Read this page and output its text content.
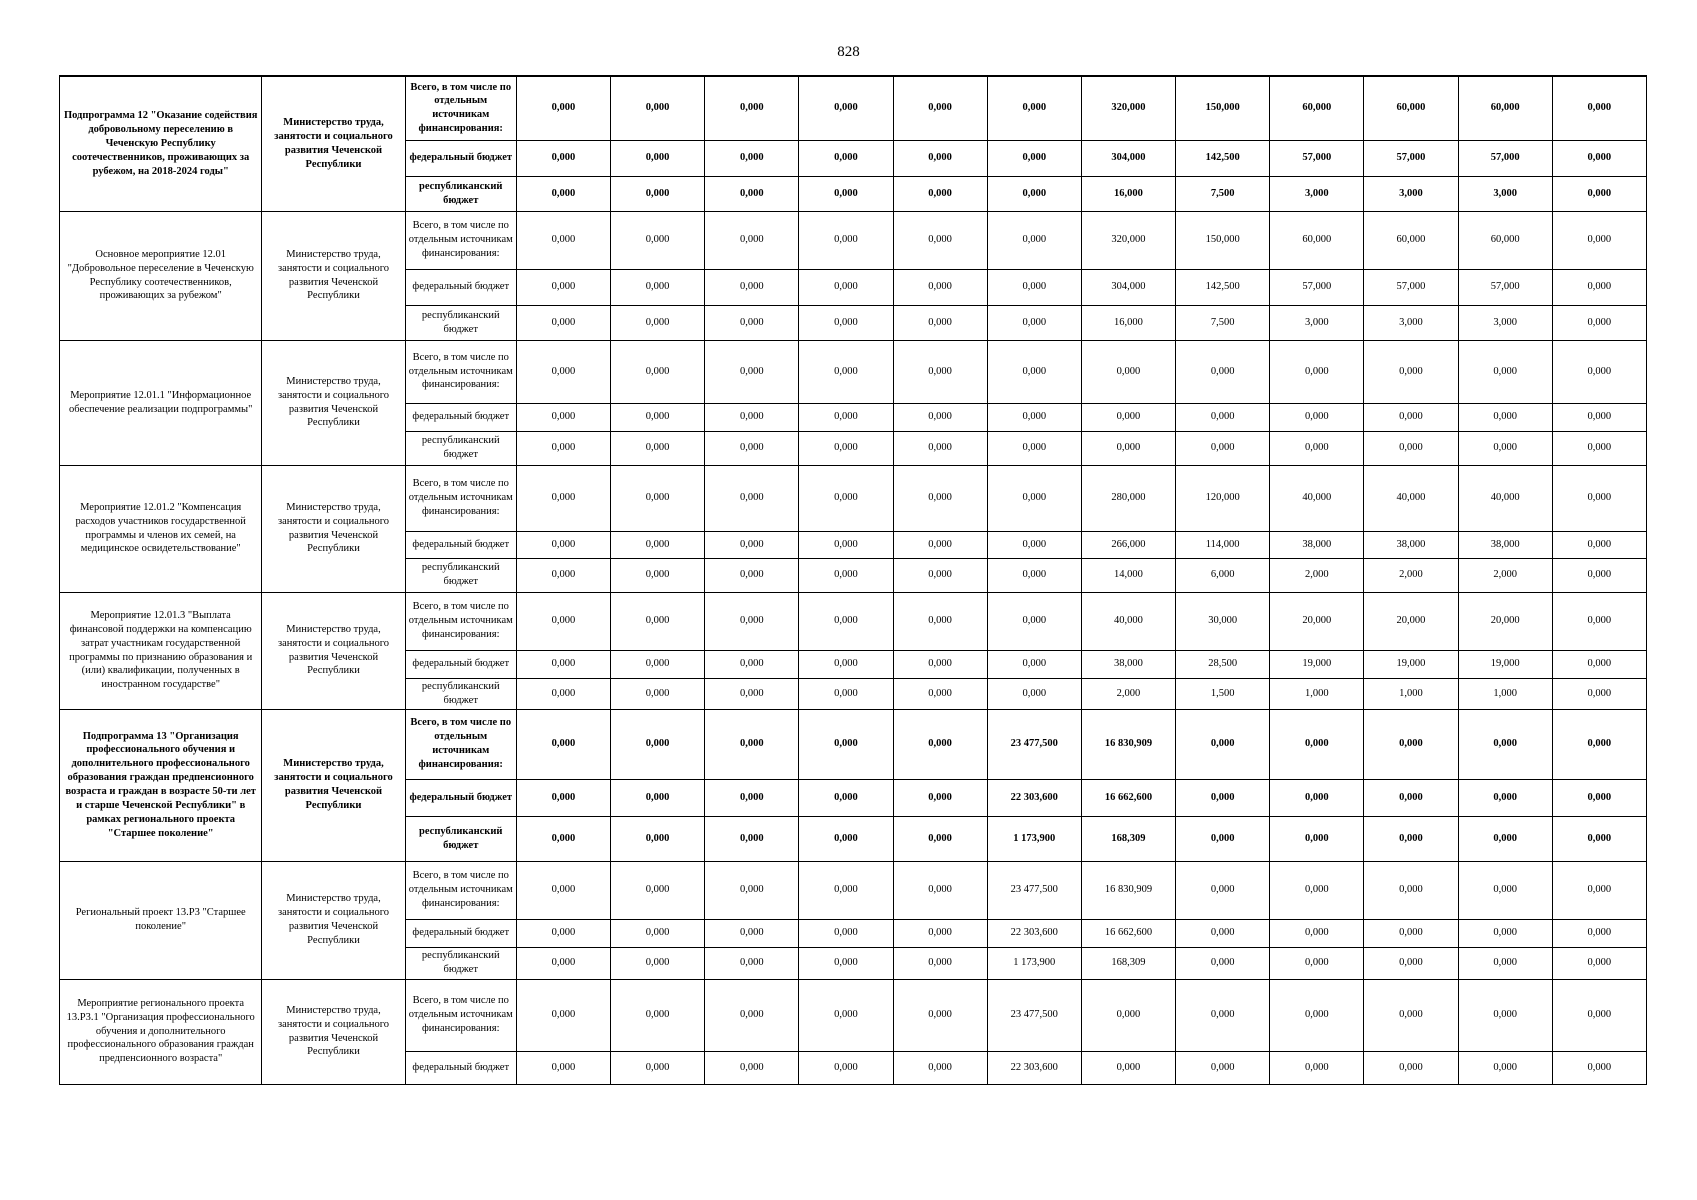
828
Подпрограмма 12 "Оказание содействия добровольному переселению в Чеченскую Республику соотечественников, проживающих за рубежом, на 2018-2024 годы"	Министерство труда, занятости и социального развития Чеченской Республики	Всего, в том числе по отдельным источникам финансирования:	0,000	0,000	0,000	0,000	0,000	0,000	320,000	150,000	60,000	60,000	60,000	0,000
		федеральный бюджет	0,000	0,000	0,000	0,000	0,000	0,000	304,000	142,500	57,000	57,000	57,000	0,000
		республиканский бюджет	0,000	0,000	0,000	0,000	0,000	0,000	16,000	7,500	3,000	3,000	3,000	0,000
Основное мероприятие 12.01 "Добровольное переселение в Чеченскую Республику соотечественников, проживающих за рубежом"	Министерство труда, занятости и социального развития Чеченской Республики	Всего, в том числе по отдельным источникам финансирования:	0,000	0,000	0,000	0,000	0,000	0,000	320,000	150,000	60,000	60,000	60,000	0,000
		федеральный бюджет	0,000	0,000	0,000	0,000	0,000	0,000	304,000	142,500	57,000	57,000	57,000	0,000
		республиканский бюджет	0,000	0,000	0,000	0,000	0,000	0,000	16,000	7,500	3,000	3,000	3,000	0,000
Мероприятие 12.01.1 "Информационное обеспечение реализации подпрограммы"	Министерство труда, занятости и социального развития Чеченской Республики	Всего, в том числе по отдельным источникам финансирования:	0,000	0,000	0,000	0,000	0,000	0,000	0,000	0,000	0,000	0,000	0,000	0,000
		федеральный бюджет	0,000	0,000	0,000	0,000	0,000	0,000	0,000	0,000	0,000	0,000	0,000	0,000
		республиканский бюджет	0,000	0,000	0,000	0,000	0,000	0,000	0,000	0,000	0,000	0,000	0,000	0,000
Мероприятие 12.01.2 "Компенсация расходов участников государственной программы и членов их семей, на медицинское освидетельствование"	Министерство труда, занятости и социального развития Чеченской Республики	Всего, в том числе по отдельным источникам финансирования:	0,000	0,000	0,000	0,000	0,000	0,000	280,000	120,000	40,000	40,000	40,000	0,000
		федеральный бюджет	0,000	0,000	0,000	0,000	0,000	0,000	266,000	114,000	38,000	38,000	38,000	0,000
		республиканский бюджет	0,000	0,000	0,000	0,000	0,000	0,000	14,000	6,000	2,000	2,000	2,000	0,000
Мероприятие 12.01.3 "Выплата финансовой поддержки на компенсацию затрат участникам государственной программы по признанию образования и (или) квалификации, полученных в иностранном государстве"	Министерство труда, занятости и социального развития Чеченской Республики	Всего, в том числе по отдельным источникам финансирования:	0,000	0,000	0,000	0,000	0,000	0,000	40,000	30,000	20,000	20,000	20,000	0,000
		федеральный бюджет	0,000	0,000	0,000	0,000	0,000	0,000	38,000	28,500	19,000	19,000	19,000	0,000
		республиканский бюджет	0,000	0,000	0,000	0,000	0,000	0,000	2,000	1,500	1,000	1,000	1,000	0,000
Подпрограмма 13 "Организация профессионального обучения и дополнительного профессионального образования граждан предпенсионного возраста и граждан в возрасте 50-ти лет и старше Чеченской Республики" в рамках регионального проекта "Старшее поколение"	Министерство труда, занятости и социального развития Чеченской Республики	Всего, в том числе по отдельным источникам финансирования:	0,000	0,000	0,000	0,000	0,000	23 477,500	16 830,909	0,000	0,000	0,000	0,000	0,000
		федеральный бюджет	0,000	0,000	0,000	0,000	0,000	22 303,600	16 662,600	0,000	0,000	0,000	0,000	0,000
		республиканский бюджет	0,000	0,000	0,000	0,000	0,000	1 173,900	168,309	0,000	0,000	0,000	0,000	0,000
Региональный проект 13.P3 "Старшее поколение"	Министерство труда, занятости и социального развития Чеченской Республики	Всего, в том числе по отдельным источникам финансирования:	0,000	0,000	0,000	0,000	0,000	23 477,500	16 830,909	0,000	0,000	0,000	0,000	0,000
		федеральный бюджет	0,000	0,000	0,000	0,000	0,000	22 303,600	16 662,600	0,000	0,000	0,000	0,000	0,000
		республиканский бюджет	0,000	0,000	0,000	0,000	0,000	1 173,900	168,309	0,000	0,000	0,000	0,000	0,000
Мероприятие регионального проекта 13.P3.1 "Организация профессионального обучения и дополнительного профессионального образования граждан предпенсионного возраста"	Министерство труда, занятости и социального развития Чеченской Республики	Всего, в том числе по отдельным источникам финансирования:	0,000	0,000	0,000	0,000	0,000	23 477,500	0,000	0,000	0,000	0,000	0,000	0,000
		федеральный бюджет	0,000	0,000	0,000	0,000	0,000	22 303,600	0,000	0,000	0,000	0,000	0,000	0,000
